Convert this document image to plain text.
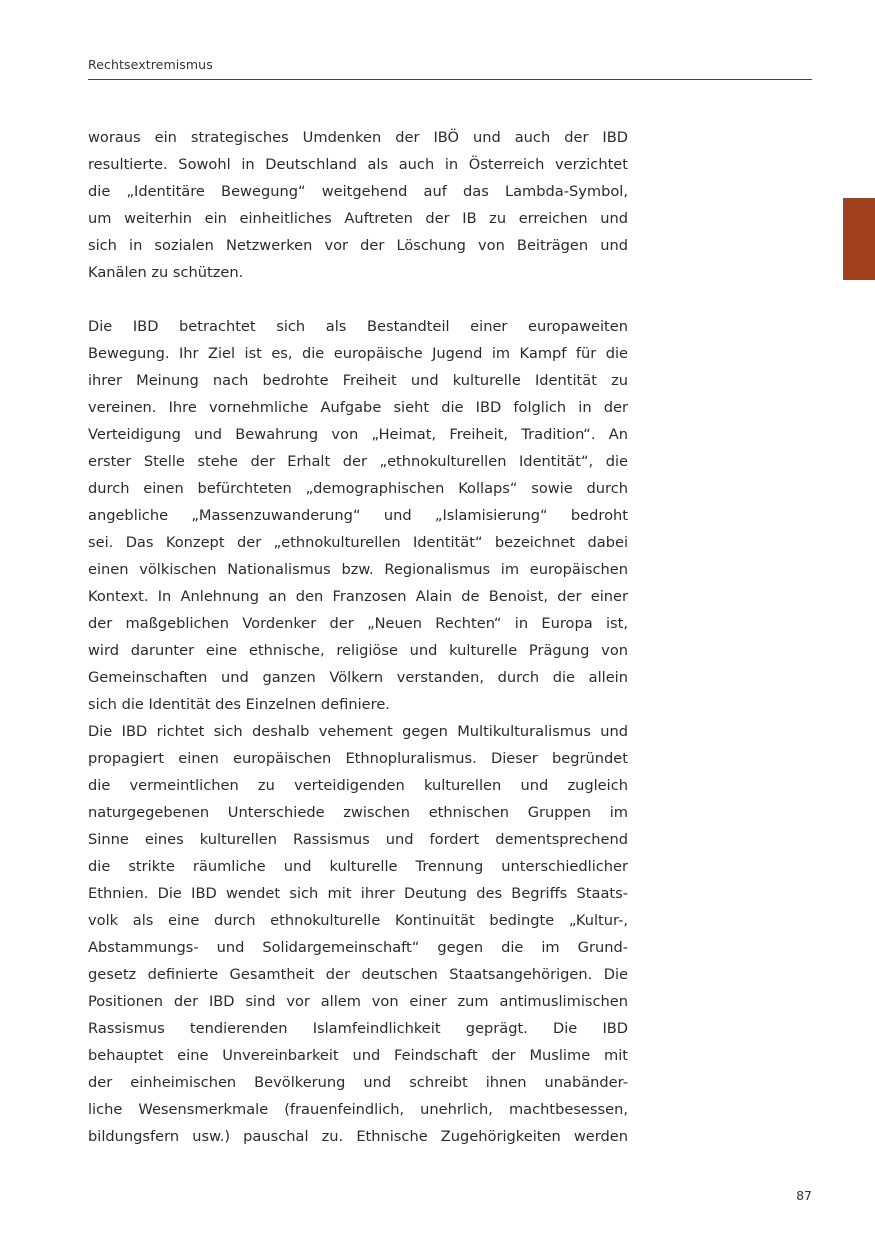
Rechtsextremismus
woraus ein strategisches Umdenken der IBÖ und auch der IBD
resultierte. Sowohl in Deutschland als auch in Österreich verzichtet
die „Identitäre Bewegung“ weitgehend auf das Lambda-Symbol,
um weiterhin ein einheitliches Auftreten der IB zu erreichen und
sich in sozialen Netzwerken vor der Löschung von Beiträgen und
Kanälen zu schützen.
Die IBD betrachtet sich als Bestandteil einer europaweiten
Bewegung. Ihr Ziel ist es, die europäische Jugend im Kampf für die
ihrer Meinung nach bedrohte Freiheit und kulturelle Identität zu
vereinen. Ihre vornehmliche Aufgabe sieht die IBD folglich in der
Verteidigung und Bewahrung von „Heimat, Freiheit, Tradition“. An
erster Stelle stehe der Erhalt der „ethnokulturellen Identität“, die
durch einen befürchteten „demographischen Kollaps“ sowie durch
angebliche „Massenzuwanderung“ und „Islamisierung“ bedroht
sei. Das Konzept der „ethnokulturellen Identität“ bezeichnet dabei
einen völkischen Nationalismus bzw. Regionalismus im europäischen
Kontext. In Anlehnung an den Franzosen Alain de Benoist, der einer
der maßgeblichen Vordenker der „Neuen Rechten“ in Europa ist,
wird darunter eine ethnische, religiöse und kulturelle Prägung von
Gemeinschaften und ganzen Völkern verstanden, durch die allein
sich die Identität des Einzelnen definiere.
Die IBD richtet sich deshalb vehement gegen Multikulturalismus und
propagiert einen europäischen Ethnopluralismus. Dieser begründet
die vermeintlichen zu verteidigenden kulturellen und zugleich
naturgegebenen Unterschiede zwischen ethnischen Gruppen im
Sinne eines kulturellen Rassismus und fordert dementsprechend
die strikte räumliche und kulturelle Trennung unterschiedlicher
Ethnien. Die IBD wendet sich mit ihrer Deutung des Begriffs Staats-
volk als eine durch ethnokulturelle Kontinuität bedingte „Kultur-,
Abstammungs- und Solidargemeinschaft“ gegen die im Grund-
gesetz definierte Gesamtheit der deutschen Staatsangehörigen. Die
Positionen der IBD sind vor allem von einer zum antimuslimischen
Rassismus tendierenden Islamfeindlichkeit geprägt. Die IBD
behauptet eine Unvereinbarkeit und Feindschaft der Muslime mit
der einheimischen Bevölkerung und schreibt ihnen unabänder-
liche Wesensmerkmale (frauenfeindlich, unehrlich, machtbesessen,
bildungsfern usw.) pauschal zu. Ethnische Zugehörigkeiten werden
87
